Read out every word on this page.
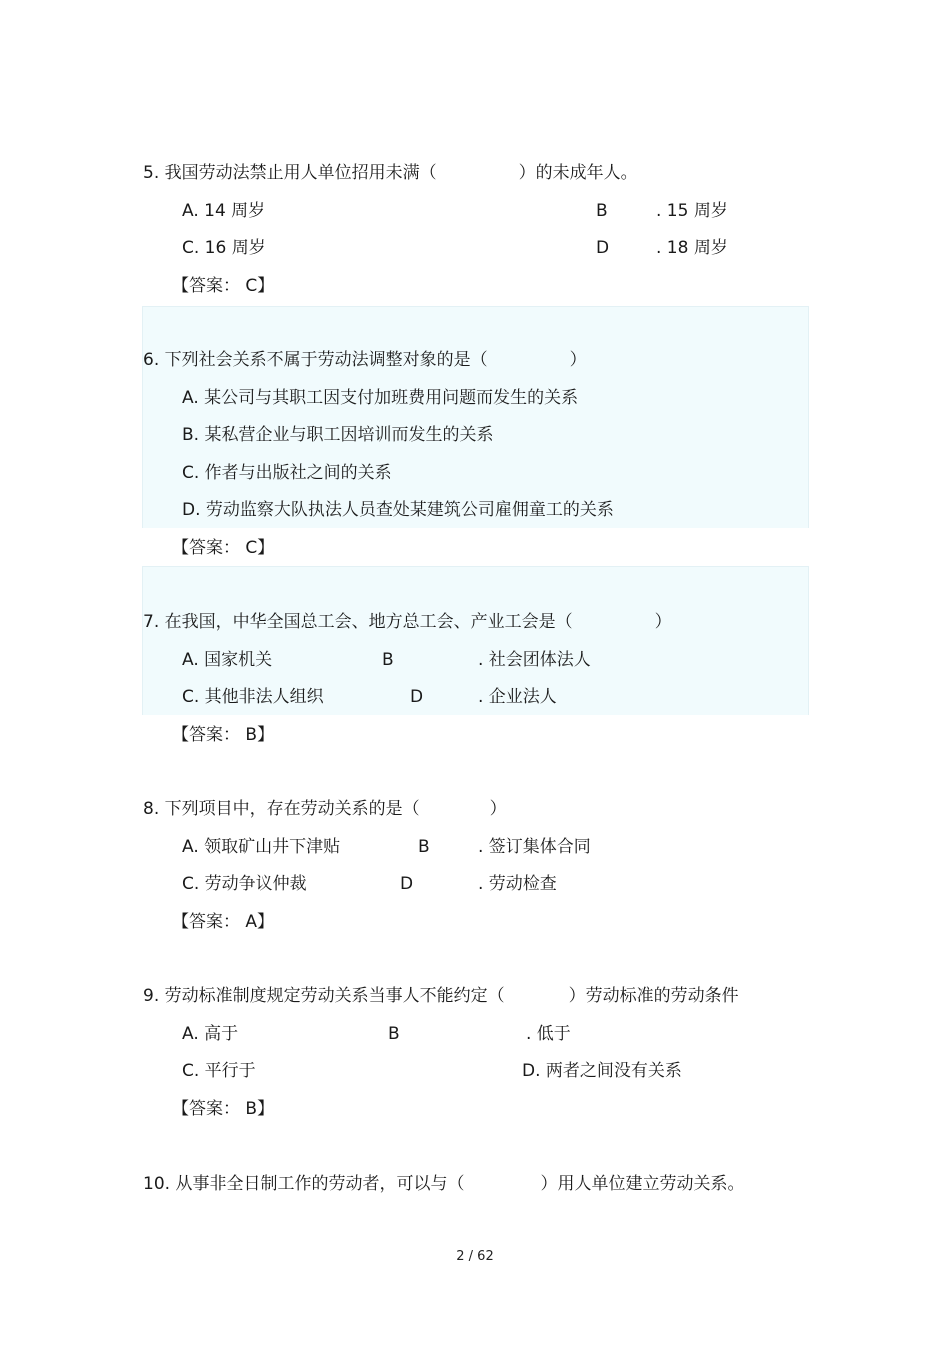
5. 我国劳动法禁止用人单位招用未满（	）的未成年人。
A. 14 周岁	B	. 15 周岁
C. 16 周岁	D	. 18 周岁
【答案： C】
6. 下列社会关系不属于劳动法调整对象的是（	）
A. 某公司与其职工因支付加班费用问题而发生的关系
B. 某私营企业与职工因培训而发生的关系
C. 作者与出版社之间的关系
D. 劳动监察大队执法人员查处某建筑公司雇佣童工的关系
【答案： C】
7. 在我国，中华全国总工会、地方总工会、产业工会是（	）
A. 国家机关	B	. 社会团体法人
C. 其他非法人组织	D	. 企业法人
【答案： B】
8. 下列项目中，存在劳动关系的是（	）
A. 领取矿山井下津贴	B	. 签订集体合同
C. 劳动争议仲裁	D	. 劳动检查
【答案： A】
9. 劳动标准制度规定劳动关系当事人不能约定（	）劳动标准的劳动条件
A. 高于	B	. 低于
C. 平行于	D. 两者之间没有关系
【答案： B】
10. 从事非全日制工作的劳动者，可以与（	）用人单位建立劳动关系。
2 / 62
